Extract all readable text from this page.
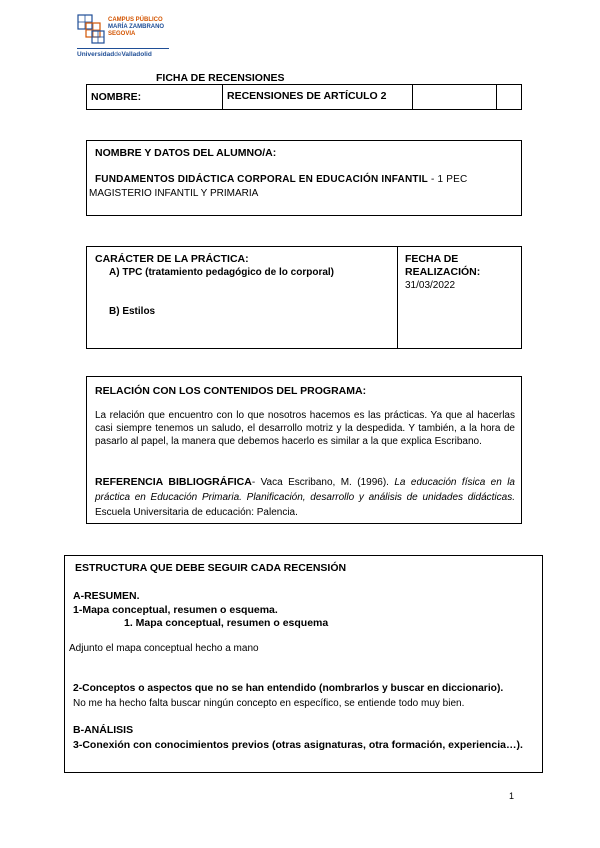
CAMPUS PÚBLICO
MARÍA ZAMBRANO
SEGOVIA
UniversidaddeValladolid
FICHA DE RECENSIONES
NOMBRE:	RECENSIONES DE ARTÍCULO 2
NOMBRE Y DATOS DEL ALUMNO/A:
FUNDAMENTOS DIDÁCTICA CORPORAL EN EDUCACIÓN INFANTIL - 1 PEC
MAGISTERIO INFANTIL Y PRIMARIA
CARÁCTER DE LA PRÁCTICA:
A) TPC (tratamiento pedagógico de lo corporal)
B) Estilos
FECHA DE
REALIZACIÓN:
31/03/2022
RELACIÓN CON LOS CONTENIDOS DEL PROGRAMA:
La relación que encuentro con lo que nosotros hacemos es las prácticas. Ya que al hacerlas casi siempre tenemos un saludo, el desarrollo motriz y la despedida. Y también, a la hora de pasarlo al papel, la manera que debemos hacerlo es similar a la que explica Escribano.
REFERENCIA BIBLIOGRÁFICA- Vaca Escribano, M. (1996). La educación física en la práctica en Educación Primaria. Planificación, desarrollo y análisis de unidades didácticas. Escuela Universitaria de educación: Palencia.
ESTRUCTURA QUE DEBE SEGUIR CADA RECENSIÓN
A-RESUMEN.
1-Mapa conceptual, resumen o esquema.
1. Mapa conceptual, resumen o esquema
Adjunto el mapa conceptual hecho a mano
2-Conceptos o aspectos que no se han entendido (nombrarlos y buscar en diccionario).
No me ha hecho falta buscar ningún concepto en específico, se entiende todo muy bien.
B-ANÁLISIS
3-Conexión con conocimientos previos (otras asignaturas, otra formación, experiencia…).
1
